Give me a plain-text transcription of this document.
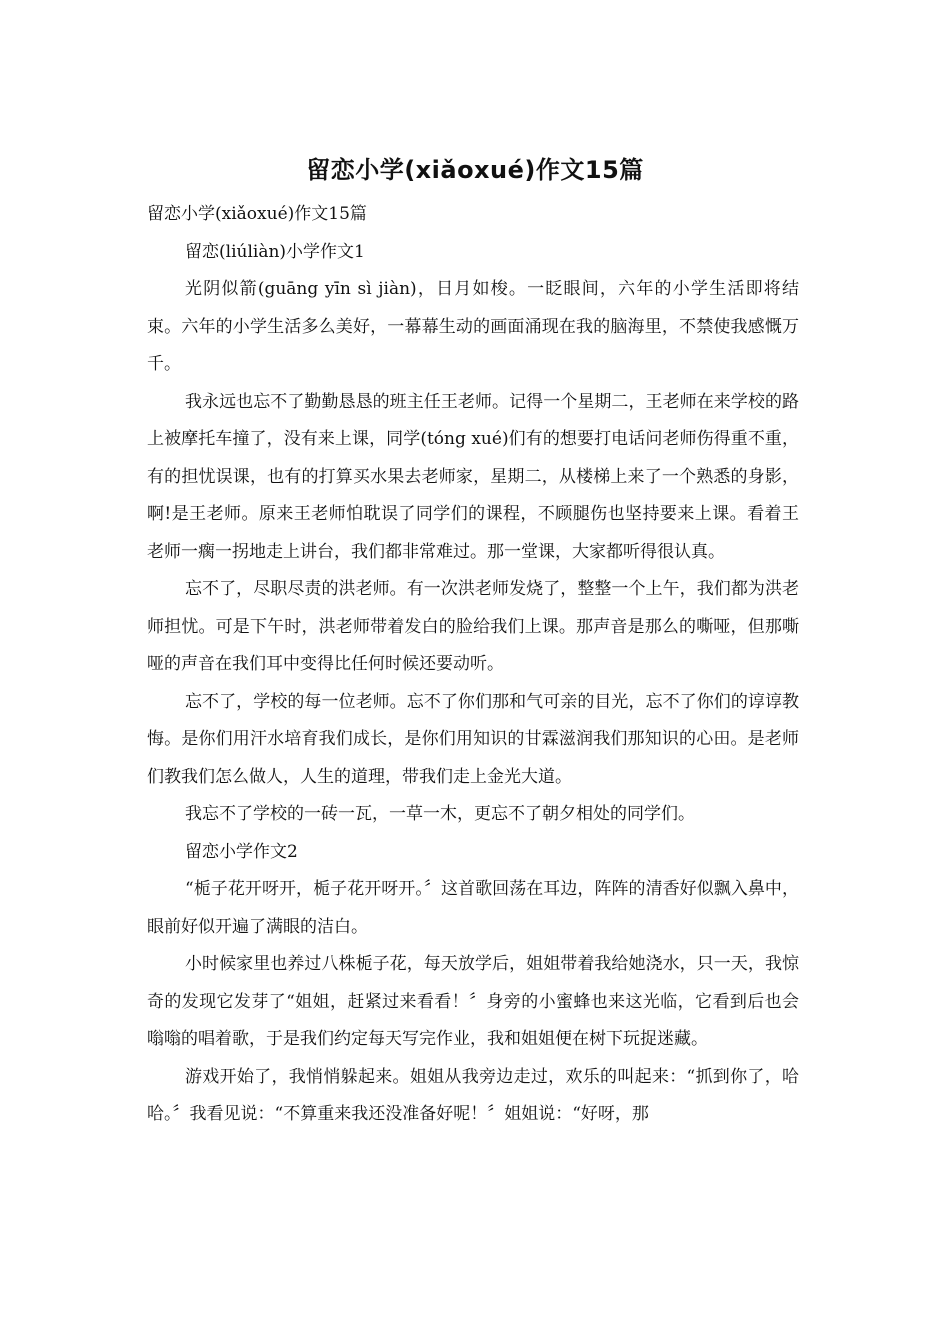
留恋小学(xiǎoxué)作文15篇

留恋小学(xiǎoxué)作文15篇

留恋(liúliàn)小学作文1

光阴似箭(guāng yīn sì jiàn)，日月如梭。一眨眼间，六年的小学生活即将结束。六年的小学生活多么美好，一幕幕生动的画面涌现在我的脑海里，不禁使我感慨万千。

我永远也忘不了勤勤恳恳的班主任王老师。记得一个星期二，王老师在来学校的路上被摩托车撞了，没有来上课，同学(tóng xué)们有的想要打电话问老师伤得重不重，有的担忧误课，也有的打算买水果去老师家，星期二，从楼梯上来了一个熟悉的身影，啊!是王老师。原来王老师怕耽误了同学们的课程，不顾腿伤也坚持要来上课。看着王老师一瘸一拐地走上讲台，我们都非常难过。那一堂课，大家都听得很认真。

忘不了，尽职尽责的洪老师。有一次洪老师发烧了，整整一个上午，我们都为洪老师担忧。可是下午时，洪老师带着发白的脸给我们上课。那声音是那么的嘶哑，但那嘶哑的声音在我们耳中变得比任何时候还要动听。

忘不了，学校的每一位老师。忘不了你们那和气可亲的目光，忘不了你们的谆谆教悔。是你们用汗水培育我们成长，是你们用知识的甘霖滋润我们那知识的心田。是老师们教我们怎么做人，人生的道理，带我们走上金光大道。

我忘不了学校的一砖一瓦，一草一木，更忘不了朝夕相处的同学们。

留恋小学作文2

“栀子花开呀开，栀子花开呀开。〞这首歌回荡在耳边，阵阵的清香好似飘入鼻中，眼前好似开遍了满眼的洁白。

小时候家里也养过八株栀子花，每天放学后，姐姐带着我给她浇水，只一天，我惊奇的发现它发芽了“姐姐，赶紧过来看看！〞身旁的小蜜蜂也来这光临，它看到后也会嗡嗡的唱着歌，于是我们约定每天写完作业，我和姐姐便在树下玩捉迷藏。

游戏开始了，我悄悄躲起来。姐姐从我旁边走过，欢乐的叫起来：“抓到你了，哈哈。〞我看见说：“不算重来我还没准备好呢！〞姐姐说：“好呀，那
